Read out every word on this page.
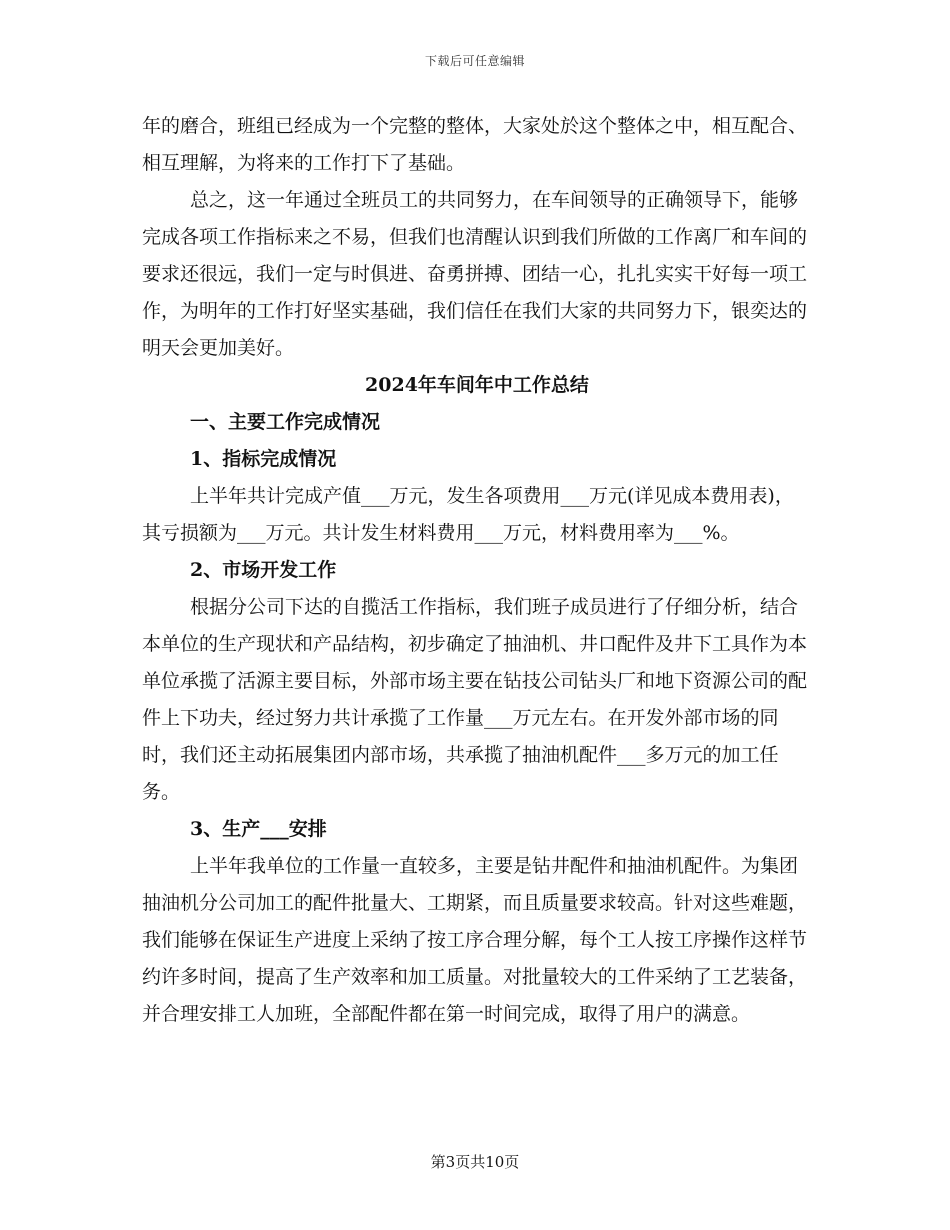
下载后可任意编辑

年的磨合，班组已经成为一个完整的整体，大家处於这个整体之中，相互配合、相互理解，为将来的工作打下了基础。

总之，这一年通过全班员工的共同努力，在车间领导的正确领导下，能够完成各项工作指标来之不易，但我们也清醒认识到我们所做的工作离厂和车间的要求还很远，我们一定与时俱进、奋勇拼搏、团结一心，扎扎实实干好每一项工作，为明年的工作打好坚实基础，我们信任在我们大家的共同努力下，银奕达的明天会更加美好。

2024年车间年中工作总结

一、主要工作完成情况

1、指标完成情况

上半年共计完成产值___万元，发生各项费用___万元(详见成本费用表)，其亏损额为___万元。共计发生材料费用___万元，材料费用率为___%。

2、市场开发工作

根据分公司下达的自揽活工作指标，我们班子成员进行了仔细分析，结合本单位的生产现状和产品结构，初步确定了抽油机、井口配件及井下工具作为本单位承揽了活源主要目标，外部市场主要在钻技公司钻头厂和地下资源公司的配件上下功夫，经过努力共计承揽了工作量___万元左右。在开发外部市场的同时，我们还主动拓展集团内部市场，共承揽了抽油机配件___多万元的加工任务。

3、生产___安排

上半年我单位的工作量一直较多，主要是钻井配件和抽油机配件。为集团抽油机分公司加工的配件批量大、工期紧，而且质量要求较高。针对这些难题，我们能够在保证生产进度上采纳了按工序合理分解，每个工人按工序操作这样节约许多时间，提高了生产效率和加工质量。对批量较大的工件采纳了工艺装备，并合理安排工人加班，全部配件都在第一时间完成，取得了用户的满意。

第3页共10页
